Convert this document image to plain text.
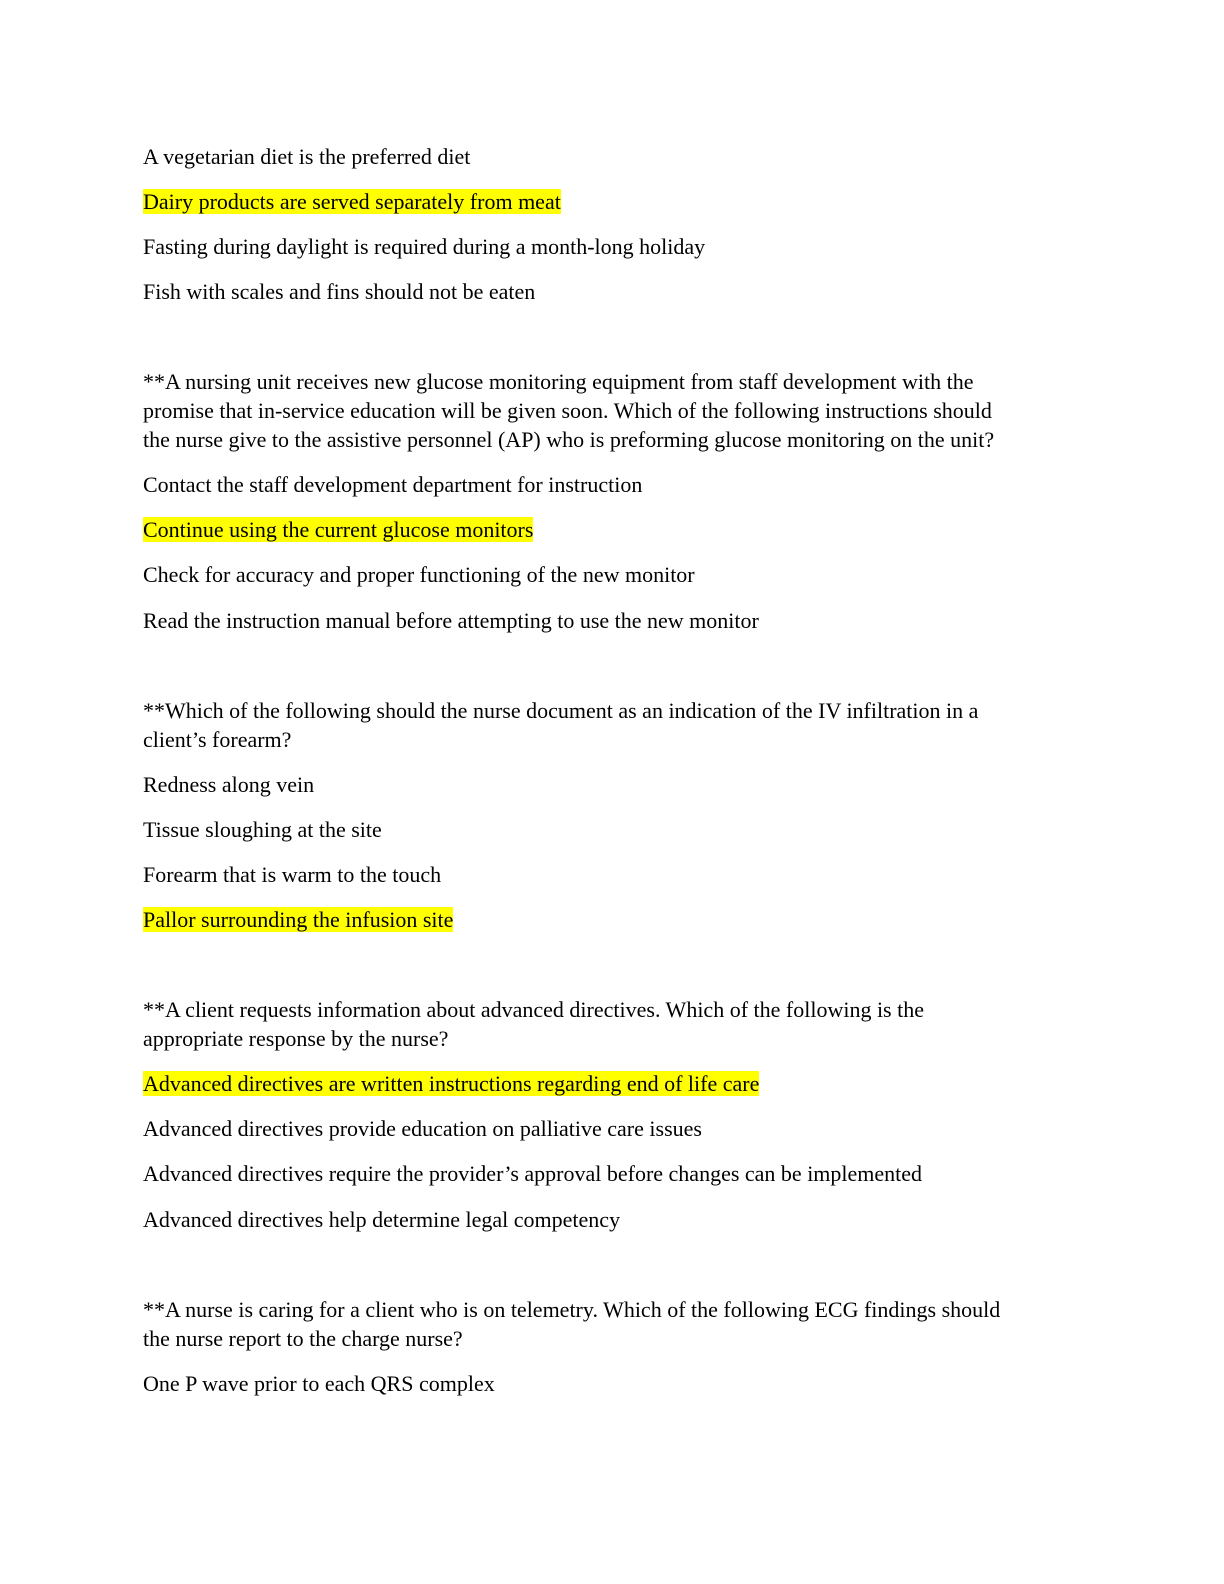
A vegetarian diet is the preferred diet
Dairy products are served separately from meat
Fasting during daylight is required during a month-long holiday
Fish with scales and fins should not be eaten
**A nursing unit receives new glucose monitoring equipment from staff development with the
promise that in-service education will be given soon. Which of the following instructions should
the nurse give to the assistive personnel (AP) who is preforming glucose monitoring on the unit?
Contact the staff development department for instruction
Continue using the current glucose monitors
Check for accuracy and proper functioning of the new monitor
Read the instruction manual before attempting to use the new monitor
**Which of the following should the nurse document as an indication of the IV infiltration in a
client’s forearm?
Redness along vein
Tissue sloughing at the site
Forearm that is warm to the touch
Pallor surrounding the infusion site
**A client requests information about advanced directives. Which of the following is the
appropriate response by the nurse?
Advanced directives are written instructions regarding end of life care
Advanced directives provide education on palliative care issues
Advanced directives require the provider’s approval before changes can be implemented
Advanced directives help determine legal competency
**A nurse is caring for a client who is on telemetry. Which of the following ECG findings should
the nurse report to the charge nurse?
One P wave prior to each QRS complex
